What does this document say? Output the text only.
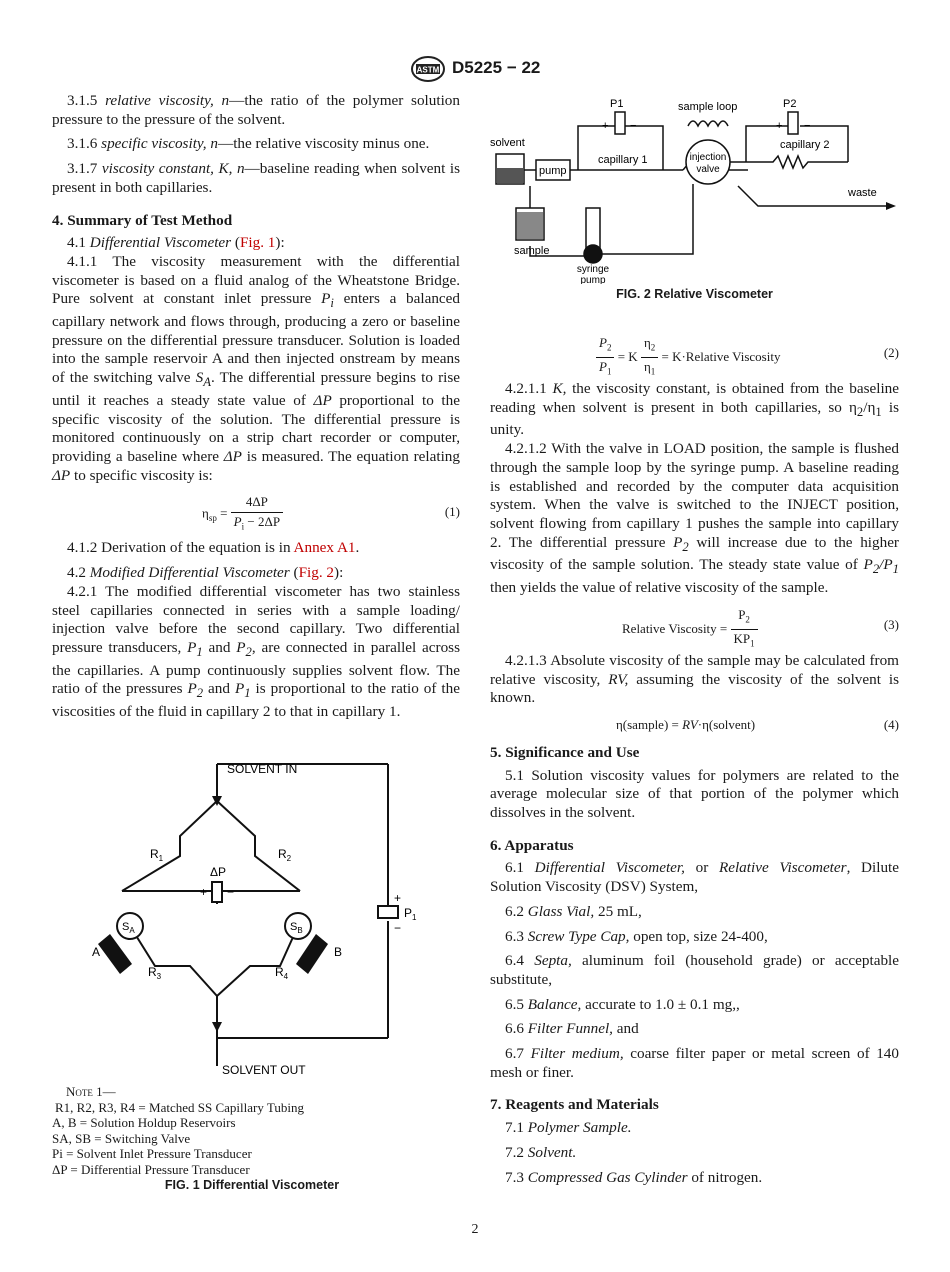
ASTM D5225 − 22

3.1.5 relative viscosity, n—the ratio of the polymer solution pressure to the pressure of the solvent.

3.1.6 specific viscosity, n—the relative viscosity minus one.

3.1.7 viscosity constant, K, n—baseline reading when solvent is present in both capillaries.

4. Summary of Test Method

4.1 Differential Viscometer (Fig. 1):

4.1.1 The viscosity measurement with the differential viscometer is based on a fluid analog of the Wheatstone Bridge. Pure solvent at constant inlet pressure $P_i$ enters a balanced capillary network and flows through, producing a zero or baseline pressure on the differential pressure transducer. Solution is loaded into the sample reservoir A and then injected onstream by means of the switching valve $S_A$. The differential pressure begins to rise until it reaches a steady state value of ΔP proportional to the specific viscosity of the solution. The differential pressure is monitored continuously on a strip chart recorder or computer, providing a baseline where ΔP is measured. The equation relating ΔP to specific viscosity is:

$\eta_{sp} = \frac{4\Delta P}{P_i - 2\Delta P}$	(1)

4.1.2 Derivation of the equation is in Annex A1.

4.2 Modified Differential Viscometer (Fig. 2):

4.2.1 The modified differential viscometer has two stainless steel capillaries connected in series with a sample loading/ injection valve before the second capillary. Two differential pressure transducers, $P_1$ and $P_2$, are connected in parallel across the capillaries. A pump continuously supplies solvent flow. The ratio of the pressures $P_2$ and $P_1$ is proportional to the ratio of the viscosities of the fluid in capillary 2 to that in capillary 1.

SOLVENT IN
SOLVENT OUT
$R_1$	$R_2$
$R_3$	$R_4$
ΔP
+ −
$S_A$	$S_B$
A	B
+
−
$P_1$
Note 1—
R1, R2, R3, R4 = Matched SS Capillary Tubing
A, B = Solution Holdup Reservoirs
SA, SB = Switching Valve
Pi = Solvent Inlet Pressure Transducer
ΔP = Differential Pressure Transducer
FIG. 1 Differential Viscometer
P1	P2
+ −	+ −
sample loop
solvent
pump
capillary 1
capillary 2
injection
valve
waste
sample
syringe
pump
FIG. 2 Relative Viscometer
$\frac{P_2}{P_1} = K \frac{\eta_2}{\eta_1}$ = K·Relative Viscosity	(2)

4.2.1.1 K, the viscosity constant, is obtained from the baseline reading when solvent is present in both capillaries, so $\eta_2/\eta_1$ is unity.

4.2.1.2 With the valve in LOAD position, the sample is flushed through the sample loop by the syringe pump. A baseline reading is established and recorded by the computer data acquisition system. When the valve is switched to the INJECT position, solvent flowing from capillary 1 pushes the sample into capillary 2. The differential pressure $P_2$ will increase due to the higher viscosity of the sample solution. The steady state value of $P_2/P_1$ then yields the value of relative viscosity of the sample.

Relative Viscosity = $\frac{P_2}{KP_1}$	(3)

4.2.1.3 Absolute viscosity of the sample may be calculated from relative viscosity, RV, assuming the viscosity of the solvent is known.

η(sample) = RV·η(solvent)	(4)
5. Significance and Use

5.1 Solution viscosity values for polymers are related to the average molecular size of that portion of the polymer which dissolves in the solvent.

6. Apparatus

6.1 Differential Viscometer, or Relative Viscometer, Dilute Solution Viscosity (DSV) System,

6.2 Glass Vial, 25 mL,

6.3 Screw Type Cap, open top, size 24-400,

6.4 Septa, aluminum foil (household grade) or acceptable substitute,

6.5 Balance, accurate to 1.0 ± 0.1 mg,,

6.6 Filter Funnel, and

6.7 Filter medium, coarse filter paper or metal screen of 140 mesh or finer.

7. Reagents and Materials

7.1 Polymer Sample.

7.2 Solvent.

7.3 Compressed Gas Cylinder of nitrogen.

2
